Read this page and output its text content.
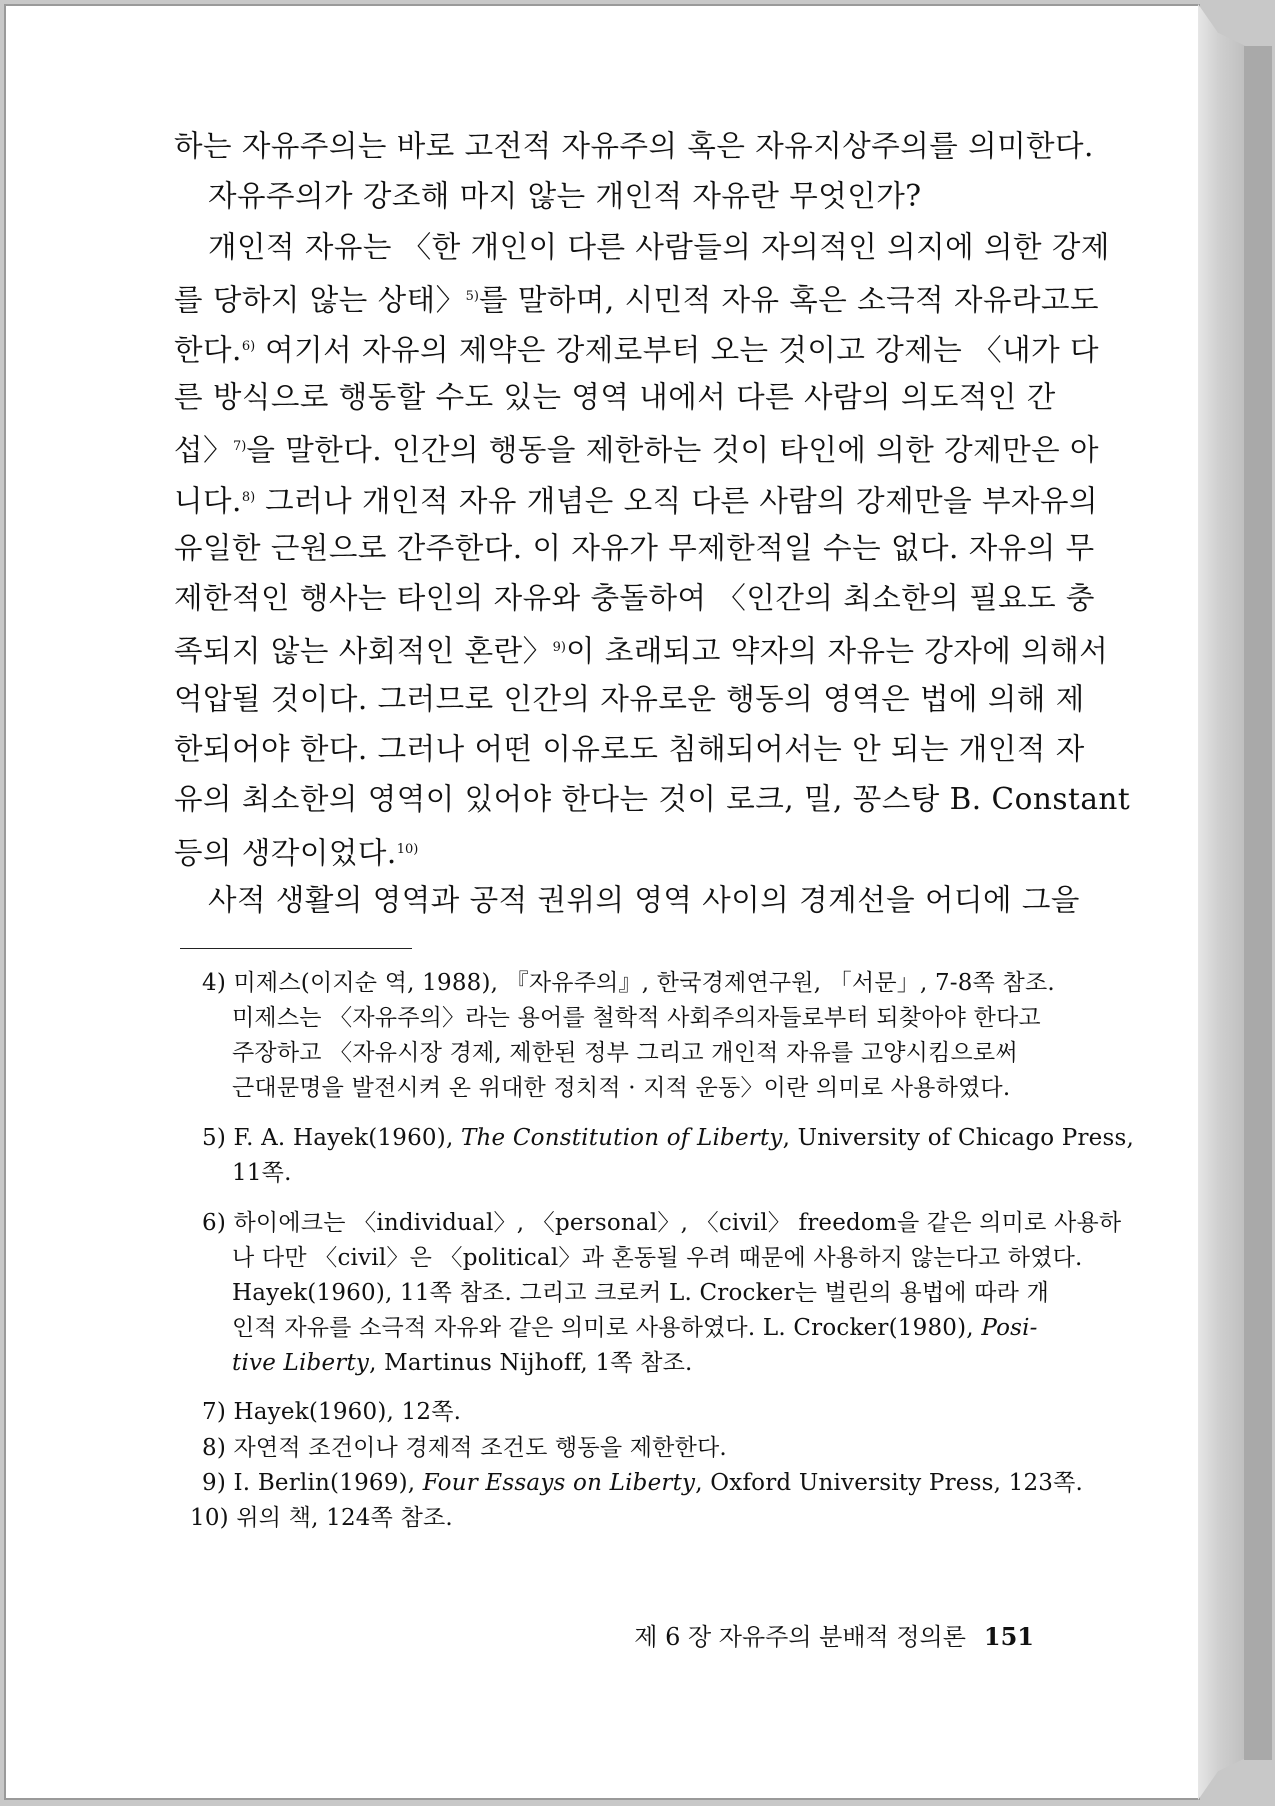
하는 자유주의는 바로 고전적 자유주의 혹은 자유지상주의를 의미한다.
자유주의가 강조해 마지 않는 개인적 자유란 무엇인가?
개인적 자유는 〈한 개인이 다른 사람들의 자의적인 의지에 의한 강제
를 당하지 않는 상태〉$^{5)}$를 말하며, 시민적 자유 혹은 소극적 자유라고도
한다.$^{6)}$ 여기서 자유의 제약은 강제로부터 오는 것이고 강제는 〈내가 다
른 방식으로 행동할 수도 있는 영역 내에서 다른 사람의 의도적인 간
섭〉$^{7)}$을 말한다. 인간의 행동을 제한하는 것이 타인에 의한 강제만은 아
니다.$^{8)}$ 그러나 개인적 자유 개념은 오직 다른 사람의 강제만을 부자유의
유일한 근원으로 간주한다. 이 자유가 무제한적일 수는 없다. 자유의 무
제한적인 행사는 타인의 자유와 충돌하여 〈인간의 최소한의 필요도 충
족되지 않는 사회적인 혼란〉$^{9)}$이 초래되고 약자의 자유는 강자에 의해서
억압될 것이다. 그러므로 인간의 자유로운 행동의 영역은 법에 의해 제
한되어야 한다. 그러나 어떤 이유로도 침해되어서는 안 되는 개인적 자
유의 최소한의 영역이 있어야 한다는 것이 로크, 밀, 꽁스탕 B. Constant
등의 생각이었다.$^{10)}$
사적 생활의 영역과 공적 권위의 영역 사이의 경계선을 어디에 그을
4) 미제스(이지순 역, 1988), 『자유주의』, 한국경제연구원, 「서문」, 7-8쪽 참조.
미제스는 〈자유주의〉라는 용어를 철학적 사회주의자들로부터 되찾아야 한다고
주장하고 〈자유시장 경제, 제한된 정부 그리고 개인적 자유를 고양시킴으로써
근대문명을 발전시켜 온 위대한 정치적 · 지적 운동〉이란 의미로 사용하였다.
5) F. A. Hayek(1960), The Constitution of Liberty, University of Chicago Press,
11쪽.
6) 하이에크는 〈individual〉, 〈personal〉, 〈civil〉 freedom을 같은 의미로 사용하
나 다만 〈civil〉은 〈political〉과 혼동될 우려 때문에 사용하지 않는다고 하였다.
Hayek(1960), 11쪽 참조. 그리고 크로커 L. Crocker는 벌린의 용법에 따라 개
인적 자유를 소극적 자유와 같은 의미로 사용하였다. L. Crocker(1980), Posi-
tive Liberty, Martinus Nijhoff, 1쪽 참조.
7) Hayek(1960), 12쪽.
8) 자연적 조건이나 경제적 조건도 행동을 제한한다.
9) I. Berlin(1969), Four Essays on Liberty, Oxford University Press, 123쪽.
10) 위의 책, 124쪽 참조.
제 6 장 자유주의 분배적 정의론 151
